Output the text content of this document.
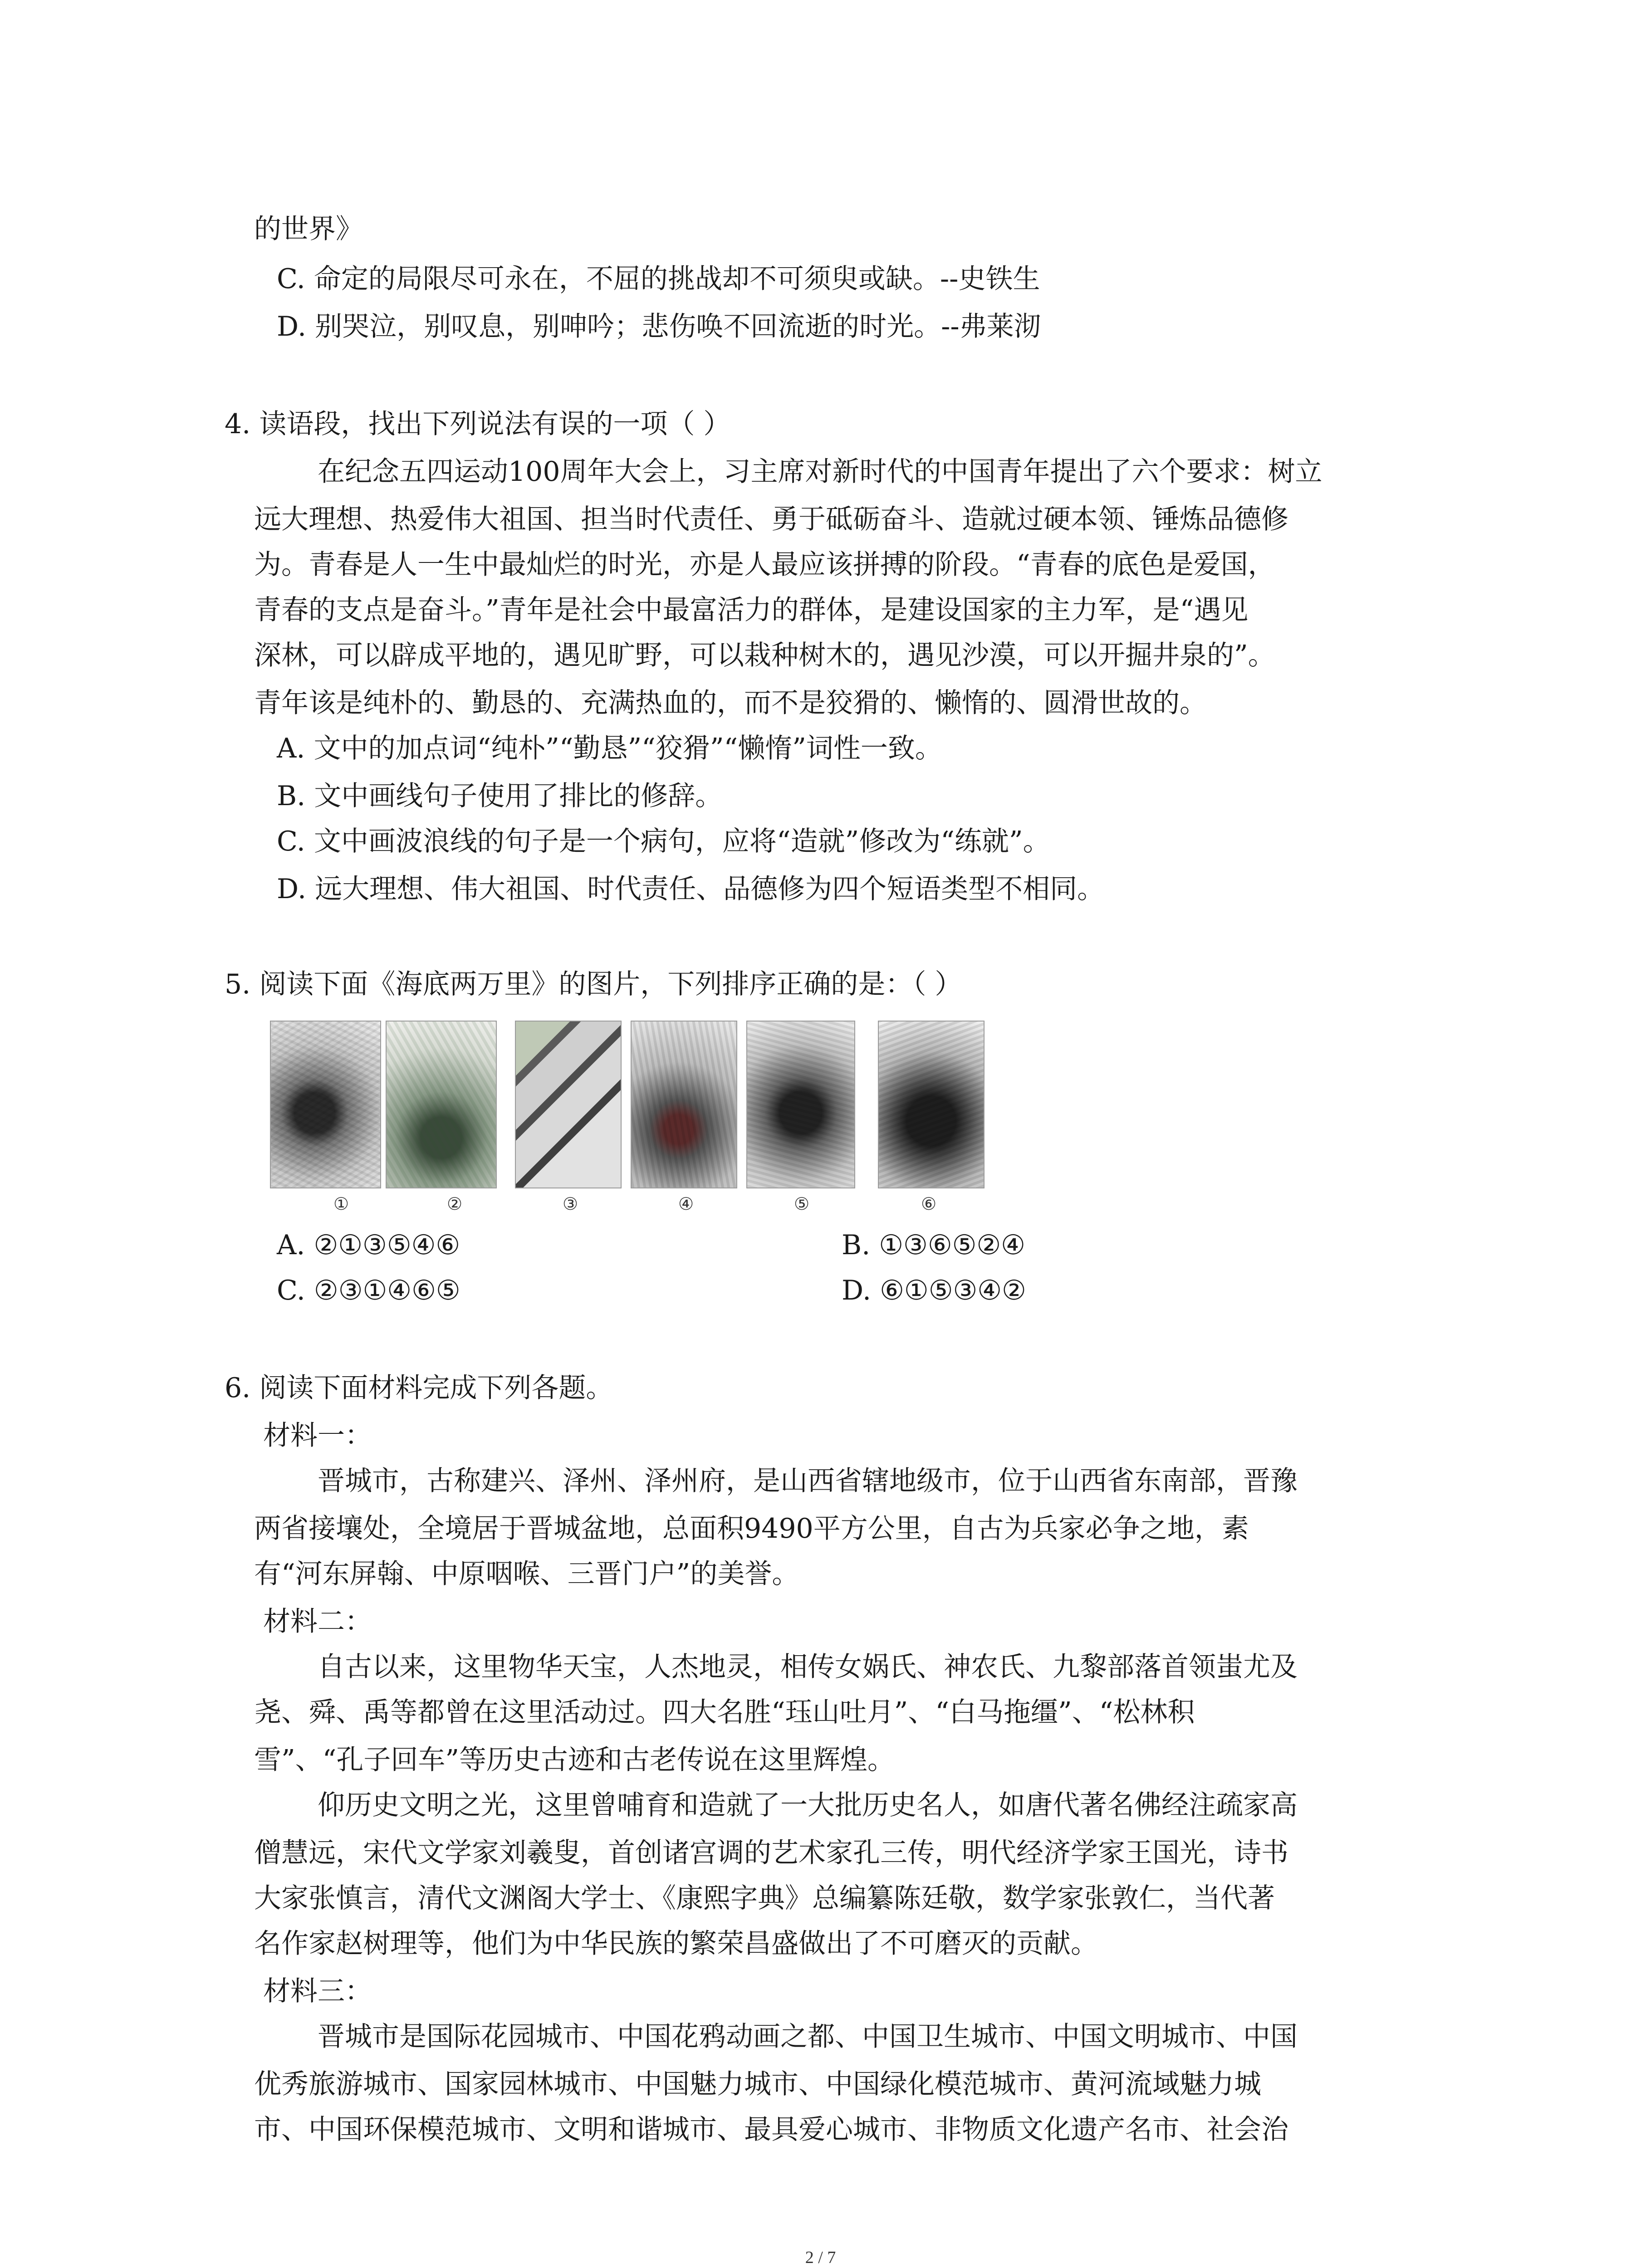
的世界》
C. 命定的局限尽可永在，不屈的挑战却不可须臾或缺。--史铁生
D. 别哭泣，别叹息，别呻吟；悲伤唤不回流逝的时光。--弗莱沏
4. 读语段，找出下列说法有误的一项（ ）
在纪念五四运动100周年大会上，习主席对新时代的中国青年提出了六个要求：树立
远大理想、热爱伟大祖国、担当时代责任、勇于砥砺奋斗、造就过硬本领、锤炼品德修
为。青春是人一生中最灿烂的时光，亦是人最应该拼搏的阶段。“青春的底色是爱国，
青春的支点是奋斗。”青年是社会中最富活力的群体，是建设国家的主力军，是“遇见
深林，可以辟成平地的，遇见旷野，可以栽种树木的，遇见沙漠，可以开掘井泉的”。
青年该是纯朴的、勤恳的、充满热血的，而不是狡猾的、懒惰的、圆滑世故的。
A. 文中的加点词“纯朴”“勤恳”“狡猾”“懒惰”词性一致。
B. 文中画线句子使用了排比的修辞。
C. 文中画波浪线的句子是一个病句，应将“造就”修改为“练就”。
D. 远大理想、伟大祖国、时代责任、品德修为四个短语类型不相同。
5. 阅读下面《海底两万里》的图片，下列排序正确的是：（ ）
①	②	③	④	⑤	⑥
A. ②①③⑤④⑥	B. ①③⑥⑤②④
C. ②③①④⑥⑤	D. ⑥①⑤③④②
6. 阅读下面材料完成下列各题。
材料一：
晋城市，古称建兴、泽州、泽州府，是山西省辖地级市，位于山西省东南部，晋豫
两省接壤处，全境居于晋城盆地，总面积9490平方公里，自古为兵家必争之地，素
有“河东屏翰、中原咽喉、三晋门户”的美誉。
材料二：
自古以来，这里物华天宝，人杰地灵，相传女娲氏、神农氏、九黎部落首领蚩尤及
尧、舜、禹等都曾在这里活动过。四大名胜“珏山吐月”、“白马拖缰”、“松林积
雪”、“孔子回车”等历史古迹和古老传说在这里辉煌。
仰历史文明之光，这里曾哺育和造就了一大批历史名人，如唐代著名佛经注疏家高
僧慧远，宋代文学家刘羲叟，首创诸宫调的艺术家孔三传，明代经济学家王国光，诗书
大家张慎言，清代文渊阁大学士、《康熙字典》总编纂陈廷敬，数学家张敦仁，当代著
名作家赵树理等，他们为中华民族的繁荣昌盛做出了不可磨灭的贡献。
材料三：
晋城市是国际花园城市、中国花鸦动画之都、中国卫生城市、中国文明城市、中国
优秀旅游城市、国家园林城市、中国魅力城市、中国绿化模范城市、黄河流域魅力城
市、中国环保模范城市、文明和谐城市、最具爱心城市、非物质文化遗产名市、社会治
2 / 7
